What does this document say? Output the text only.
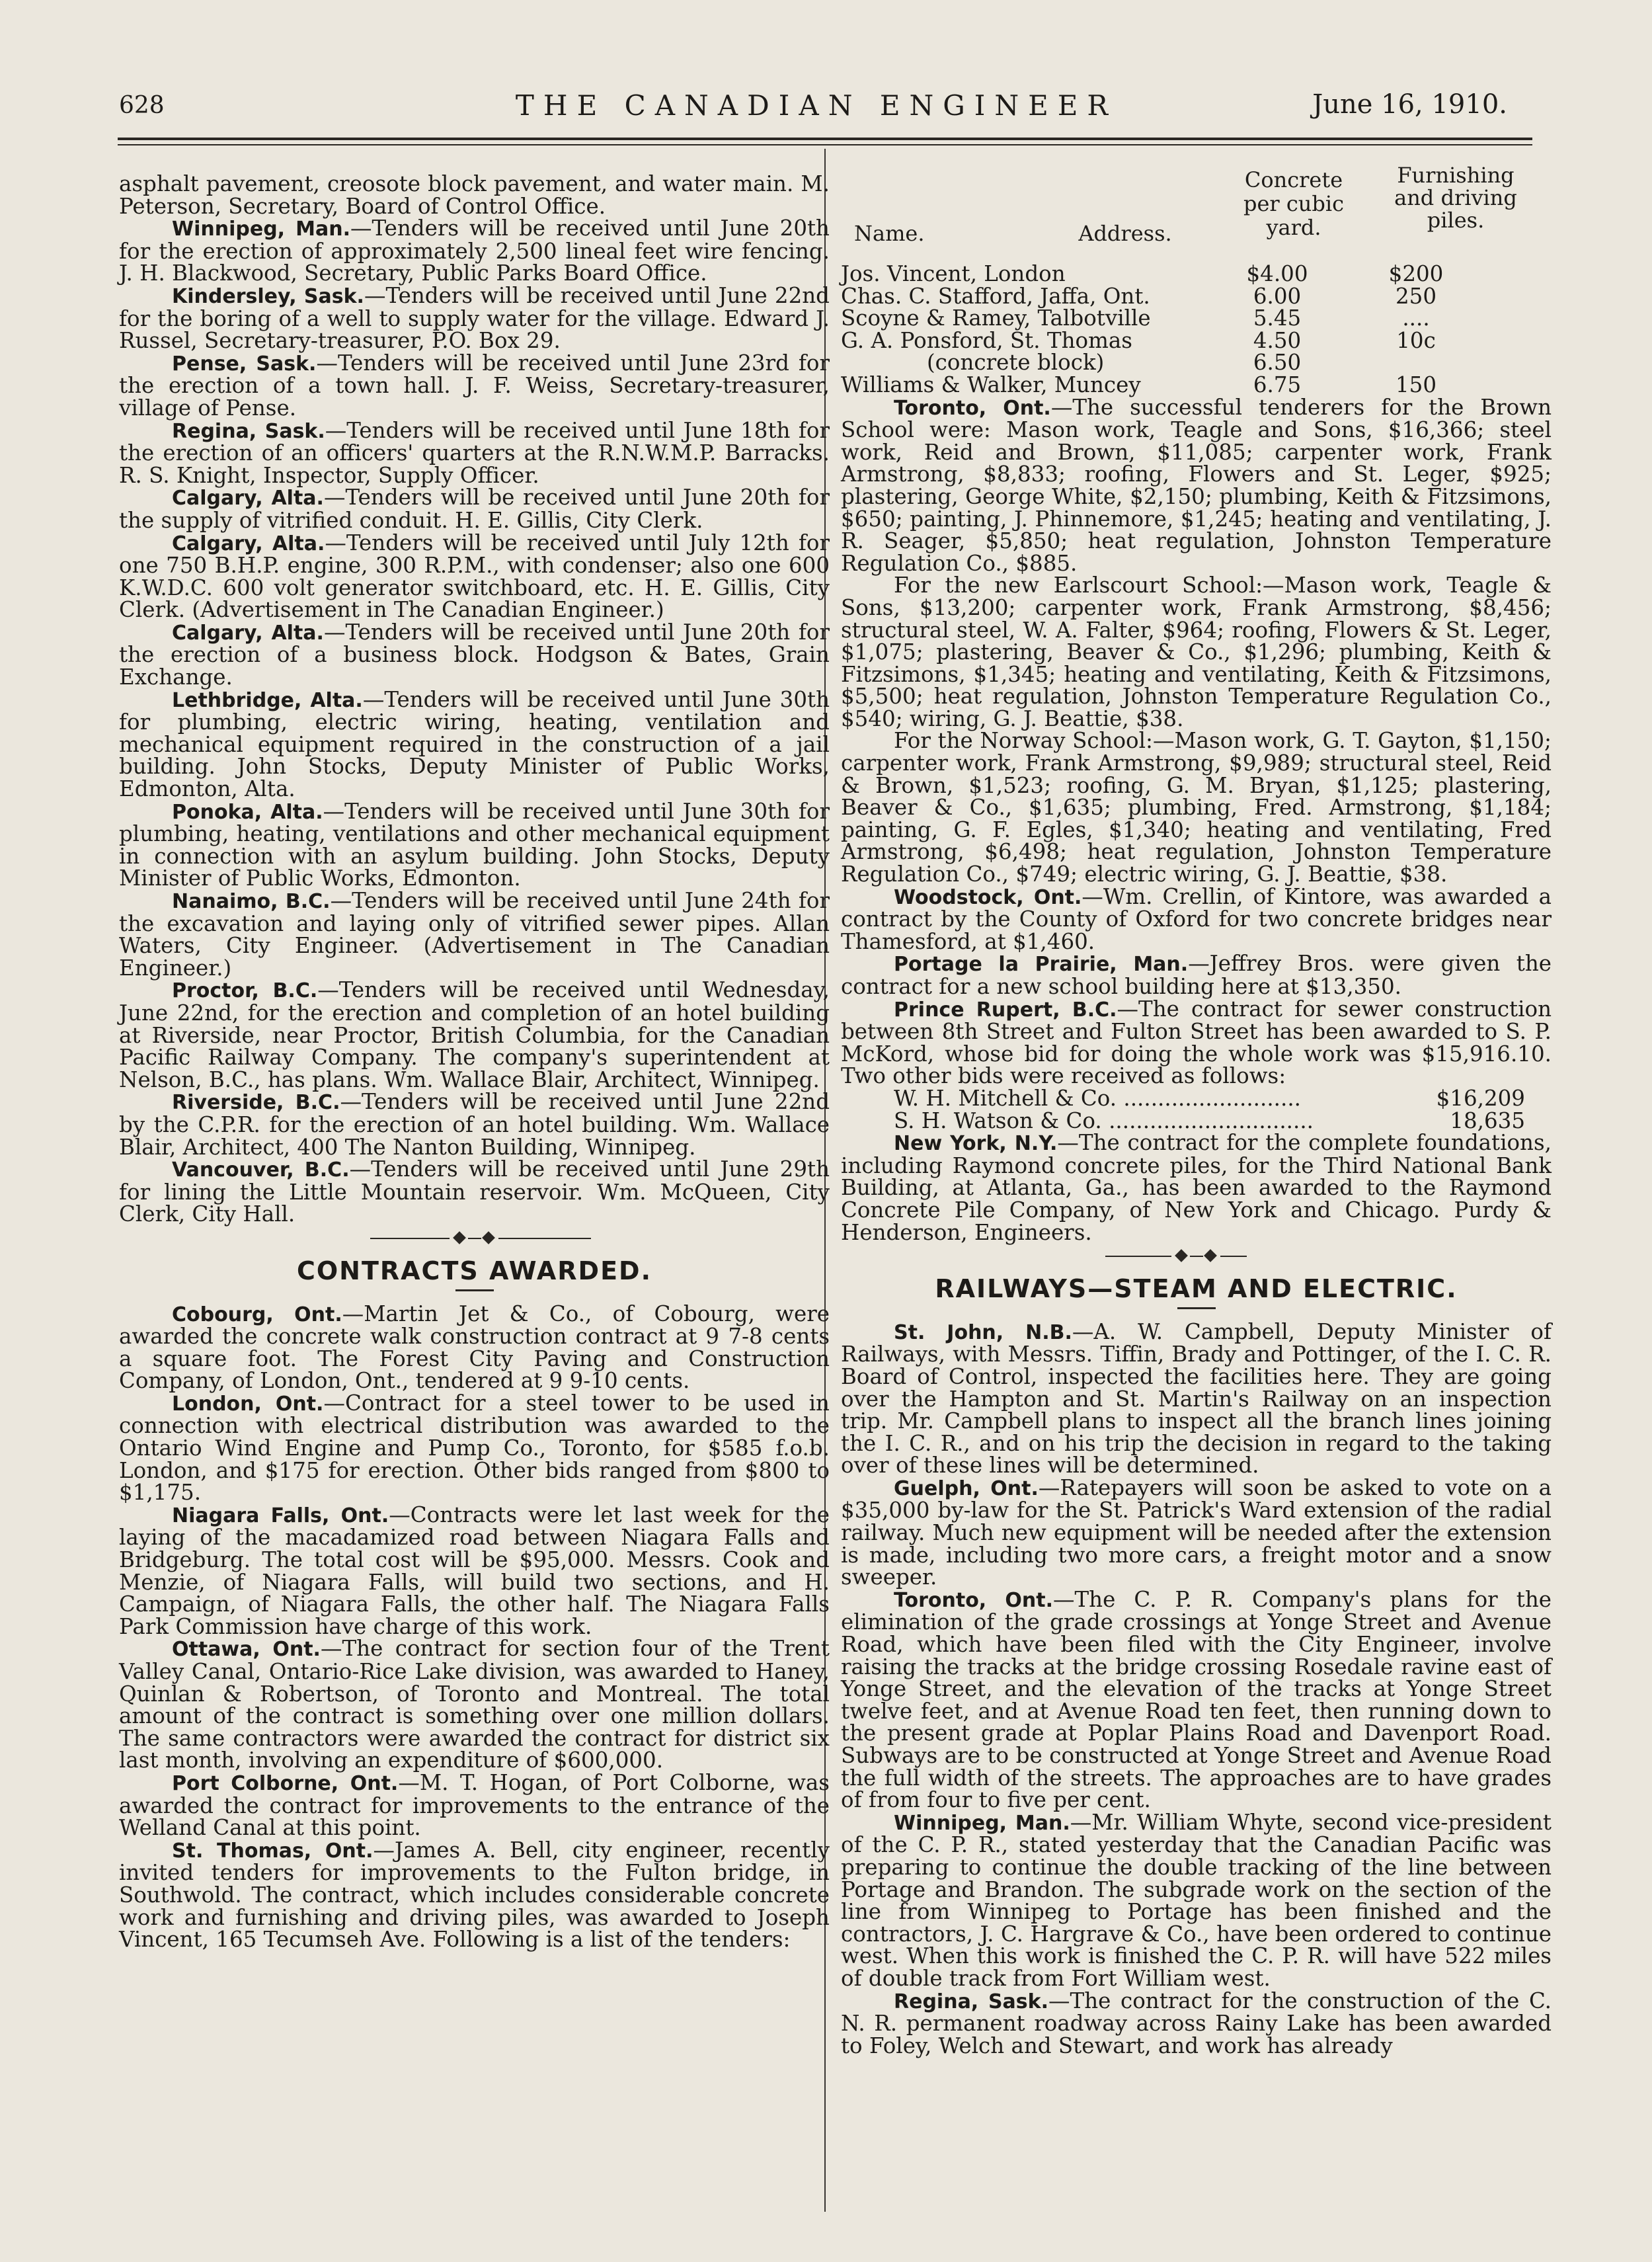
628	THE CANADIAN ENGINEER	June 16, 1910.

asphalt pavement, creosote block pavement, and water main. M. Peterson, Secretary, Board of Control Office.

Winnipeg, Man.—Tenders will be received until June 20th for the erection of approximately 2,500 lineal feet wire fencing. J. H. Blackwood, Secretary, Public Parks Board Office.

Kindersley, Sask.—Tenders will be received until June 22nd for the boring of a well to supply water for the village. Edward J. Russel, Secretary-treasurer, P.O. Box 29.

Pense, Sask.—Tenders will be received until June 23rd for the erection of a town hall. J. F. Weiss, Secretary-treasurer, village of Pense.

Regina, Sask.—Tenders will be received until June 18th for the erection of an officers' quarters at the R.N.W.M.P. Barracks. R. S. Knight, Inspector, Supply Officer.

Calgary, Alta.—Tenders will be received until June 20th for the supply of vitrified conduit. H. E. Gillis, City Clerk.

Calgary, Alta.—Tenders will be received until July 12th for one 750 B.H.P. engine, 300 R.P.M., with condenser; also one 600 K.W.D.C. 600 volt generator switchboard, etc. H. E. Gillis, City Clerk. (Advertisement in The Canadian Engineer.)

Calgary, Alta.—Tenders will be received until June 20th for the erection of a business block. Hodgson & Bates, Grain Exchange.

Lethbridge, Alta.—Tenders will be received until June 30th for plumbing, electric wiring, heating, ventilation and mechanical equipment required in the construction of a jail building. John Stocks, Deputy Minister of Public Works, Edmonton, Alta.

Ponoka, Alta.—Tenders will be received until June 30th for plumbing, heating, ventilations and other mechanical equipment in connection with an asylum building. John Stocks, Deputy Minister of Public Works, Edmonton.

Nanaimo, B.C.—Tenders will be received until June 24th for the excavation and laying only of vitrified sewer pipes. Allan Waters, City Engineer. (Advertisement in The Canadian Engineer.)

Proctor, B.C.—Tenders will be received until Wednesday, June 22nd, for the erection and completion of an hotel building at Riverside, near Proctor, British Columbia, for the Canadian Pacific Railway Company. The company's superintendent at Nelson, B.C., has plans. Wm. Wallace Blair, Architect, Winnipeg.

Riverside, B.C.—Tenders will be received until June 22nd by the C.P.R. for the erection of an hotel building. Wm. Wallace Blair, Architect, 400 The Nanton Building, Winnipeg.

Vancouver, B.C.—Tenders will be received until June 29th for lining the Little Mountain reservoir. Wm. McQueen, City Clerk, City Hall.

CONTRACTS AWARDED.

Cobourg, Ont.—Martin Jet & Co., of Cobourg, were awarded the concrete walk construction contract at 9 7-8 cents a square foot. The Forest City Paving and Construction Company, of London, Ont., tendered at 9 9-10 cents.

London, Ont.—Contract for a steel tower to be used in connection with electrical distribution was awarded to the Ontario Wind Engine and Pump Co., Toronto, for $585 f.o.b. London, and $175 for erection. Other bids ranged from $800 to $1,175.

Niagara Falls, Ont.—Contracts were let last week for the laying of the macadamized road between Niagara Falls and Bridgeburg. The total cost will be $95,000. Messrs. Cook and Menzie, of Niagara Falls, will build two sections, and H. Campaign, of Niagara Falls, the other half. The Niagara Falls Park Commission have charge of this work.

Ottawa, Ont.—The contract for section four of the Trent Valley Canal, Ontario-Rice Lake division, was awarded to Haney, Quinlan & Robertson, of Toronto and Montreal. The total amount of the contract is something over one million dollars. The same contractors were awarded the contract for district six last month, involving an expenditure of $600,000.

Port Colborne, Ont.—M. T. Hogan, of Port Colborne, was awarded the contract for improvements to the entrance of the Welland Canal at this point.

St. Thomas, Ont.—James A. Bell, city engineer, recently invited tenders for improvements to the Fulton bridge, in Southwold. The contract, which includes considerable concrete work and furnishing and driving piles, was awarded to Joseph Vincent, 165 Tecumseh Ave. Following is a list of the tenders:

Name.	Address.
Concrete per cubic yard.
Furnishing and driving piles.
Jos. Vincent, London	$4.00	$200
Chas. C. Stafford, Jaffa, Ont.	6.00	250
Scoyne & Ramey, Talbotville	5.45	....
G. A. Ponsford, St. Thomas	4.50	10c
(concrete block)	6.50
Williams & Walker, Muncey	6.75	150

Toronto, Ont.—The successful tenderers for the Brown School were: Mason work, Teagle and Sons, $16,366; steel work, Reid and Brown, $11,085; carpenter work, Frank Armstrong, $8,833; roofing, Flowers and St. Leger, $925; plastering, George White, $2,150; plumbing, Keith & Fitzsimons, $650; painting, J. Phinnemore, $1,245; heating and ventilating, J. R. Seager, $5,850; heat regulation, Johnston Temperature Regulation Co., $885.

For the new Earlscourt School:—Mason work, Teagle & Sons, $13,200; carpenter work, Frank Armstrong, $8,456; structural steel, W. A. Falter, $964; roofing, Flowers & St. Leger, $1,075; plastering, Beaver & Co., $1,296; plumbing, Keith & Fitzsimons, $1,345; heating and ventilating, Keith & Fitzsimons, $5,500; heat regulation, Johnston Temperature Regulation Co., $540; wiring, G. J. Beattie, $38.

For the Norway School:—Mason work, G. T. Gayton, $1,150; carpenter work, Frank Armstrong, $9,989; structural steel, Reid & Brown, $1,523; roofing, G. M. Bryan, $1,125; plastering, Beaver & Co., $1,635; plumbing, Fred. Armstrong, $1,184; painting, G. F. Egles, $1,340; heating and ventilating, Fred Armstrong, $6,498; heat regulation, Johnston Temperature Regulation Co., $749; electric wiring, G. J. Beattie, $38.

Woodstock, Ont.—Wm. Crellin, of Kintore, was awarded a contract by the County of Oxford for two concrete bridges near Thamesford, at $1,460.

Portage la Prairie, Man.—Jeffrey Bros. were given the contract for a new school building here at $13,350.

Prince Rupert, B.C.—The contract for sewer construction between 8th Street and Fulton Street has been awarded to S. P. McKord, whose bid for doing the whole work was $15,916.10. Two other bids were received as follows:

W. H. Mitchell & Co. ..........................	$16,209
S. H. Watson & Co. ..............................	18,635

New York, N.Y.—The contract for the complete foundations, including Raymond concrete piles, for the Third National Bank Building, at Atlanta, Ga., has been awarded to the Raymond Concrete Pile Company, of New York and Chicago. Purdy & Henderson, Engineers.

RAILWAYS—STEAM AND ELECTRIC.

St. John, N.B.—A. W. Campbell, Deputy Minister of Railways, with Messrs. Tiffin, Brady and Pottinger, of the I. C. R. Board of Control, inspected the facilities here. They are going over the Hampton and St. Martin's Railway on an inspection trip. Mr. Campbell plans to inspect all the branch lines joining the I. C. R., and on his trip the decision in regard to the taking over of these lines will be determined.

Guelph, Ont.—Ratepayers will soon be asked to vote on a $35,000 by-law for the St. Patrick's Ward extension of the radial railway. Much new equipment will be needed after the extension is made, including two more cars, a freight motor and a snow sweeper.

Toronto, Ont.—The C. P. R. Company's plans for the elimination of the grade crossings at Yonge Street and Avenue Road, which have been filed with the City Engineer, involve raising the tracks at the bridge crossing Rosedale ravine east of Yonge Street, and the elevation of the tracks at Yonge Street twelve feet, and at Avenue Road ten feet, then running down to the present grade at Poplar Plains Road and Davenport Road. Subways are to be constructed at Yonge Street and Avenue Road the full width of the streets. The approaches are to have grades of from four to five per cent.

Winnipeg, Man.—Mr. William Whyte, second vice-president of the C. P. R., stated yesterday that the Canadian Pacific was preparing to continue the double tracking of the line between Portage and Brandon. The subgrade work on the section of the line from Winnipeg to Portage has been finished and the contractors, J. C. Hargrave & Co., have been ordered to continue west. When this work is finished the C. P. R. will have 522 miles of double track from Fort William west.

Regina, Sask.—The contract for the construction of the C. N. R. permanent roadway across Rainy Lake has been awarded to Foley, Welch and Stewart, and work has already
